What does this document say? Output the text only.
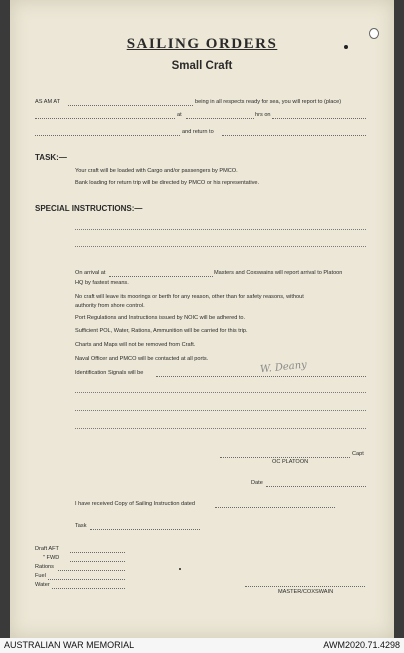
SAILING ORDERS
Small Craft
AS AM AT	being in all respects ready for sea, you will report to (place)
at	hrs on
and return to
TASK:—
Your craft will be loaded with Cargo and/or passengers by PMCO.
Bank loading for return trip will be directed by PMCO or his representative.
SPECIAL INSTRUCTIONS:—
On arrival at	Masters and Coxswains will report arrival to Platoon
HQ by fastest means.
No craft will leave its moorings or berth for any reason, other than for safety reasons, without
authority from shore control.
Port Regulations and Instructions issued by NOIC will be adhered to.
Sufficient POL, Water, Rations, Ammunition will be carried for this trip.
Charts and Maps will not be removed from Craft.
Naval Officer and PMCO will be contacted at all ports.
Identification Signals will be	W. Deany
Capt
OC PLATOON
Date
I have received Copy of Sailing Instruction dated
Task
Draft AFT
" FWD
Rations
Fuel
Water
MASTER/COXSWAIN
AUSTRALIAN WAR MEMORIAL	AWM2020.71.4298
